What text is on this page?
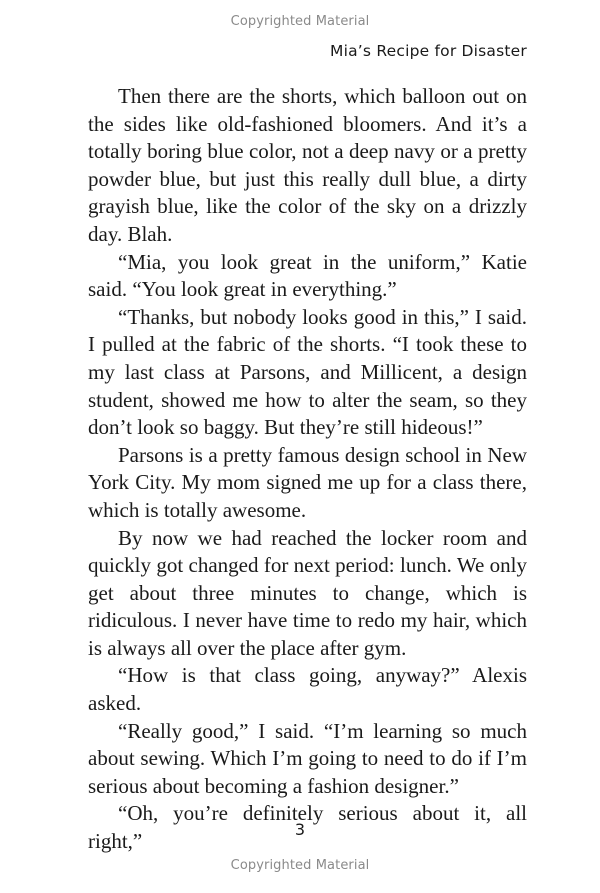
Copyrighted Material
Mia’s Recipe for Disaster

Then there are the shorts, which balloon out on the sides like old-fashioned bloomers. And it’s a totally boring blue color, not a deep navy or a pretty powder blue, but just this really dull blue, a dirty grayish blue, like the color of the sky on a drizzly day. Blah.

“Mia, you look great in the uniform,” Katie said. “You look great in everything.”

“Thanks, but nobody looks good in this,” I said. I pulled at the fabric of the shorts. “I took these to my last class at Parsons, and Millicent, a design student, showed me how to alter the seam, so they don’t look so baggy. But they’re still hideous!”

Parsons is a pretty famous design school in New York City. My mom signed me up for a class there, which is totally awesome.

By now we had reached the locker room and quickly got changed for next period: lunch. We only get about three minutes to change, which is ridiculous. I never have time to redo my hair, which is always all over the place after gym.

“How is that class going, anyway?” Alexis asked.

“Really good,” I said. “I’m learning so much about sewing. Which I’m going to need to do if I’m serious about becoming a fashion designer.”

“Oh, you’re definitely serious about it, all right,”	3
Copyrighted Material
